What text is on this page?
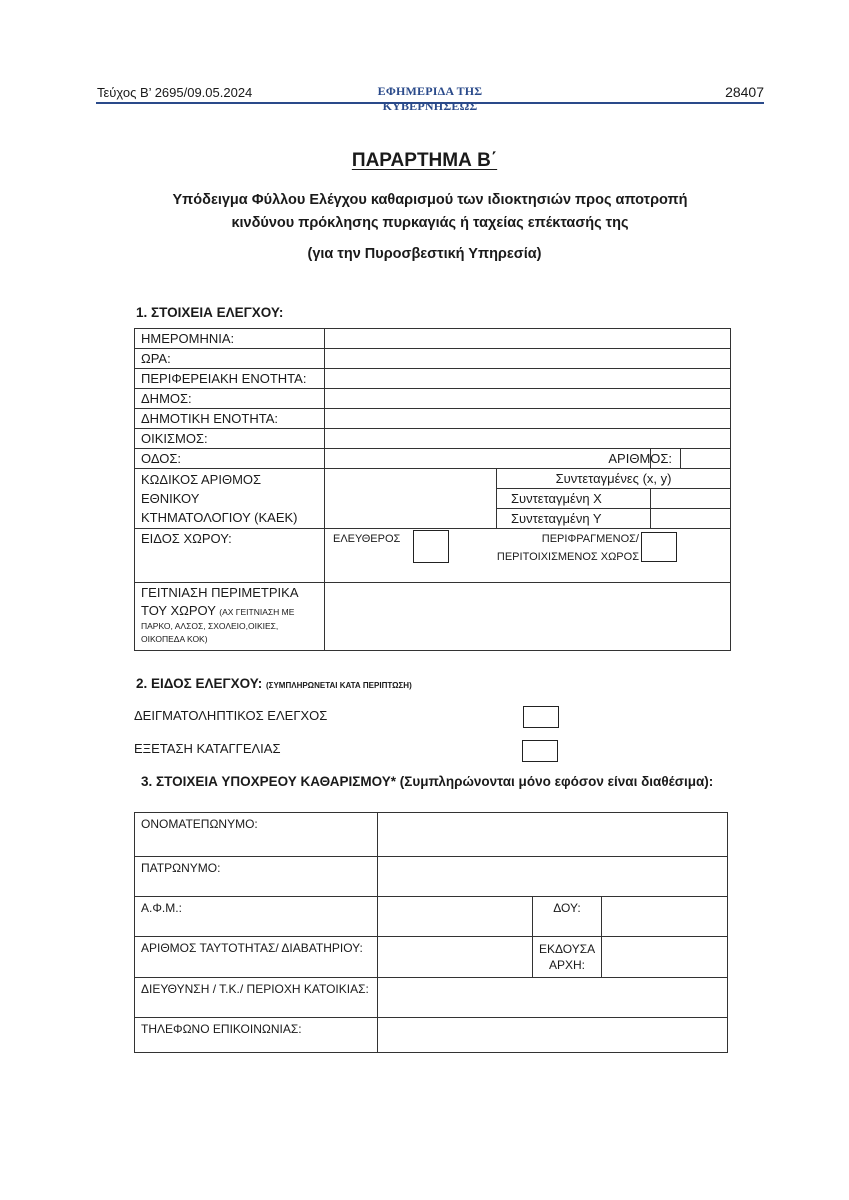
Τεύχος Β’ 2695/09.05.2024	ΕΦΗΜΕΡΙΔΑ ΤΗΣ ΚΥΒΕΡΝΗΣΕΩΣ
28407
ΠΑΡΑΡΤΗΜΑ Β΄
Υπόδειγμα Φύλλου Ελέγχου καθαρισμού των ιδιοκτησιών προς αποτροπή
κινδύνου πρόκλησης πυρκαγιάς ή ταχείας επέκτασής της
(για την Πυροσβεστική Υπηρεσία)
1. ΣΤΟΙΧΕΙΑ ΕΛΕΓΧΟΥ:
ΗΜΕΡΟΜΗΝΙΑ:				
ΩΡΑ:				
ΠΕΡΙΦΕΡΕΙΑΚΗ ΕΝΟΤΗΤΑ:				
ΔΗΜΟΣ:				
ΔΗΜΟΤΙΚΗ ΕΝΟΤΗΤΑ:				
ΟΙΚΙΣΜΟΣ:				
ΟΔΟΣ:				ΑΡΙΘΜΟΣ:

ΚΩΔΙΚΟΣ ΑΡΙΘΜΟΣ
ΕΘΝΙΚΟΥ
ΚΤΗΜΑΤΟΛΟΓΙΟΥ (ΚΑΕΚ)		Συντεταγμένες (x, y)		
		Συντεταγμένη Χ		
		Συντεταγμένη Υ		
ΕΙΔΟΣ ΧΩΡΟΥ:	ΕΛΕΥΘΕΡΟΣ ΠΕΡΙΦΡΑΓΜΕΝΟΣ/
ΠΕΡΙΤΟΙΧΙΣΜΕΝΟΣ ΧΩΡΟΣ			

ΓΕΙΤΝΙΑΣΗ ΠΕΡΙΜΕΤΡΙΚΑ
ΤΟΥ ΧΩΡΟΥ (ΑΧ ΓΕΙΤΝΙΑΣΗ ΜΕ
ΠΑΡΚΟ, ΑΛΣΟΣ, ΣΧΟΛΕΙΟ,ΟΙΚΙΕΣ,
ΟΙΚΟΠΕΔΑ ΚΟΚ)				

2. ΕΙΔΟΣ ΕΛΕΓΧΟΥ: (ΣΥΜΠΛΗΡΩΝΕΤΑΙ ΚΑΤΑ ΠΕΡΙΠΤΩΣΗ)
ΔΕΙΓΜΑΤΟΛΗΠΤΙΚΟΣ ΕΛΕΓΧΟΣ
ΕΞΕΤΑΣΗ ΚΑΤΑΓΓΕΛΙΑΣ
3. ΣΤΟΙΧΕΙΑ ΥΠΟΧΡΕΟΥ ΚΑΘΑΡΙΣΜΟΥ* (Συμπληρώνονται μόνο εφόσον είναι διαθέσιμα):
ΟΝΟΜΑΤΕΠΩΝΥΜΟ:			
ΠΑΤΡΩΝΥΜΟ:			
Α.Φ.Μ.:		ΔΟΥ:	
ΑΡΙΘΜΟΣ ΤΑΥΤΟΤΗΤΑΣ/ ΔΙΑΒΑΤΗΡΙΟΥ:		ΕΚΔΟΥΣΑ
ΑΡΧΗ:	

ΔΙΕΥΘΥΝΣΗ / Τ.Κ./ ΠΕΡΙΟΧΗ ΚΑΤΟΙΚΙΑΣ:			
ΤΗΛΕΦΩΝΟ ΕΠΙΚΟΙΝΩΝΙΑΣ:			
